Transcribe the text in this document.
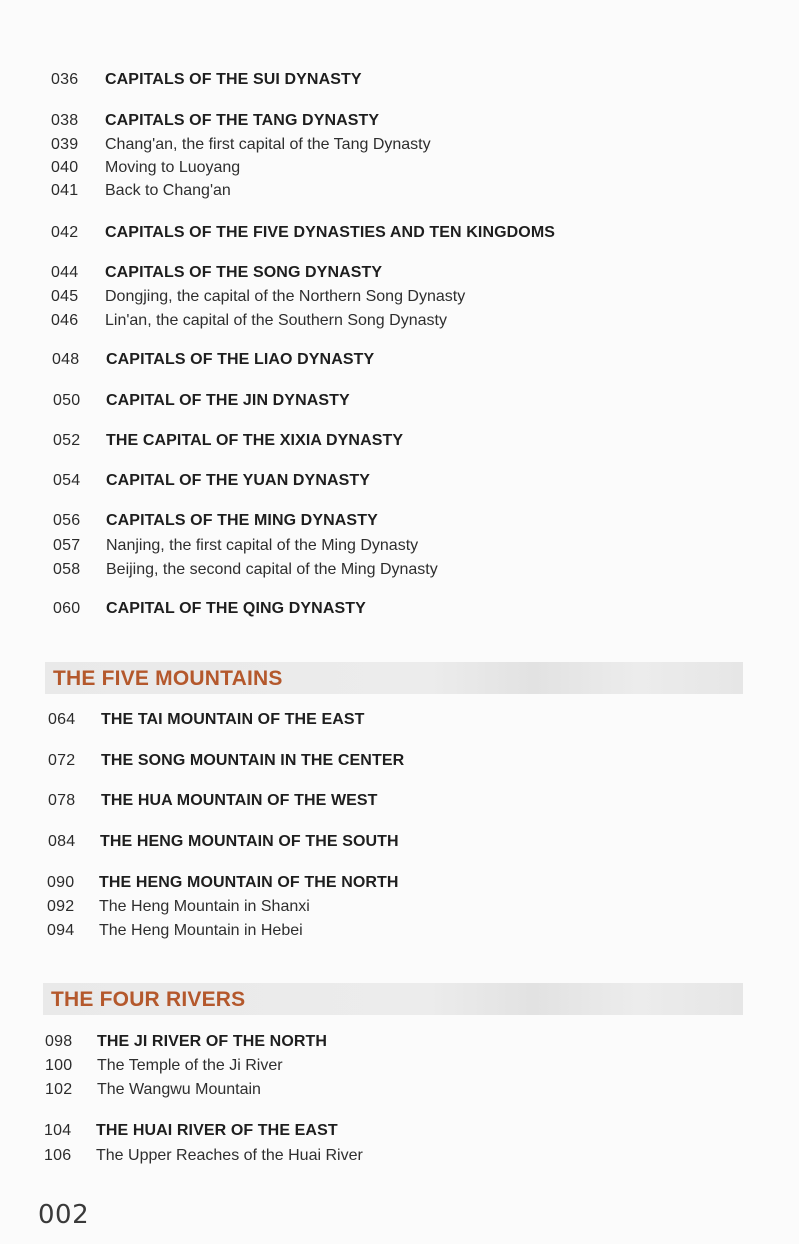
036 CAPITALS OF THE SUI DYNASTY
038 CAPITALS OF THE TANG DYNASTY
039 Chang'an, the first capital of the Tang Dynasty
040 Moving to Luoyang
041 Back to Chang'an
042 CAPITALS OF THE FIVE DYNASTIES AND TEN KINGDOMS
044 CAPITALS OF THE SONG DYNASTY
045 Dongjing, the capital of the Northern Song Dynasty
046 Lin'an, the capital of the Southern Song Dynasty
048 CAPITALS OF THE LIAO DYNASTY
050 CAPITAL OF THE JIN DYNASTY
052 THE CAPITAL OF THE XIXIA DYNASTY
054 CAPITAL OF THE YUAN DYNASTY
056 CAPITALS OF THE MING DYNASTY
057 Nanjing, the first capital of the Ming Dynasty
058 Beijing, the second capital of the Ming Dynasty
060 CAPITAL OF THE QING DYNASTY
THE FIVE MOUNTAINS
064 THE TAI MOUNTAIN OF THE EAST
072 THE SONG MOUNTAIN IN THE CENTER
078 THE HUA MOUNTAIN OF THE WEST
084 THE HENG MOUNTAIN OF THE SOUTH
090 THE HENG MOUNTAIN OF THE NORTH
092 The Heng Mountain in Shanxi
094 The Heng Mountain in Hebei
THE FOUR RIVERS
098 THE JI RIVER OF THE NORTH
100 The Temple of the Ji River
102 The Wangwu Mountain
104 THE HUAI RIVER OF THE EAST
106 The Upper Reaches of the Huai River
002
